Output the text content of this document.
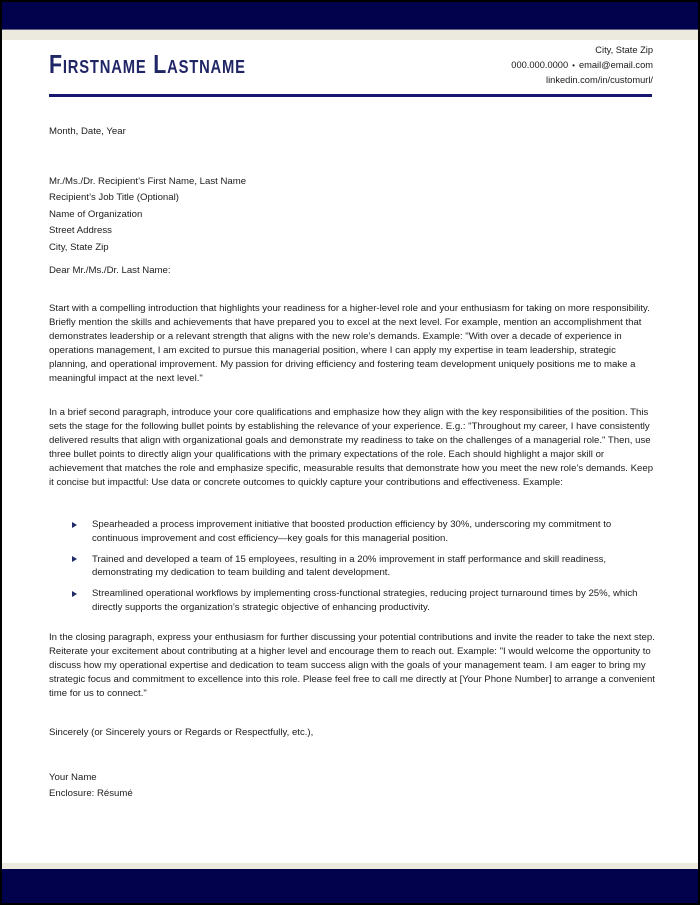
Firstname Lastname	City, State Zip
000.000.0000 • email@email.com
linkedin.com/in/customurl/
Month, Date, Year
Mr./Ms./Dr. Recipient’s First Name, Last Name
Recipient’s Job Title (Optional)
Name of Organization
Street Address
City, State Zip
Dear Mr./Ms./Dr. Last Name:
Start with a compelling introduction that highlights your readiness for a higher-level role and your enthusiasm for taking on more responsibility. Briefly mention the skills and achievements that have prepared you to excel at the next level. For example, mention an accomplishment that demonstrates leadership or a relevant strength that aligns with the new role’s demands. Example: "With over a decade of experience in operations management, I am excited to pursue this managerial position, where I can apply my expertise in team leadership, strategic planning, and operational improvement. My passion for driving efficiency and fostering team development uniquely positions me to make a meaningful impact at the next level."
In a brief second paragraph, introduce your core qualifications and emphasize how they align with the key responsibilities of the position. This sets the stage for the following bullet points by establishing the relevance of your experience. E.g.: "Throughout my career, I have consistently delivered results that align with organizational goals and demonstrate my readiness to take on the challenges of a managerial role." Then, use three bullet points to directly align your qualifications with the primary expectations of the role. Each should highlight a major skill or achievement that matches the role and emphasize specific, measurable results that demonstrate how you meet the new role’s demands. Keep it concise but impactful: Use data or concrete outcomes to quickly capture your contributions and effectiveness. Example:
Spearheaded a process improvement initiative that boosted production efficiency by 30%, underscoring my commitment to continuous improvement and cost efficiency—key goals for this managerial position.
Trained and developed a team of 15 employees, resulting in a 20% improvement in staff performance and skill readiness, demonstrating my dedication to team building and talent development.
Streamlined operational workflows by implementing cross-functional strategies, reducing project turnaround times by 25%, which directly supports the organization’s strategic objective of enhancing productivity.
In the closing paragraph, express your enthusiasm for further discussing your potential contributions and invite the reader to take the next step. Reiterate your excitement about contributing at a higher level and encourage them to reach out. Example: "I would welcome the opportunity to discuss how my operational expertise and dedication to team success align with the goals of your management team. I am eager to bring my strategic focus and commitment to excellence into this role. Please feel free to call me directly at [Your Phone Number] to arrange a convenient time for us to connect."
Sincerely (or Sincerely yours or Regards or Respectfully, etc.),
Your Name
Enclosure: Résumé
